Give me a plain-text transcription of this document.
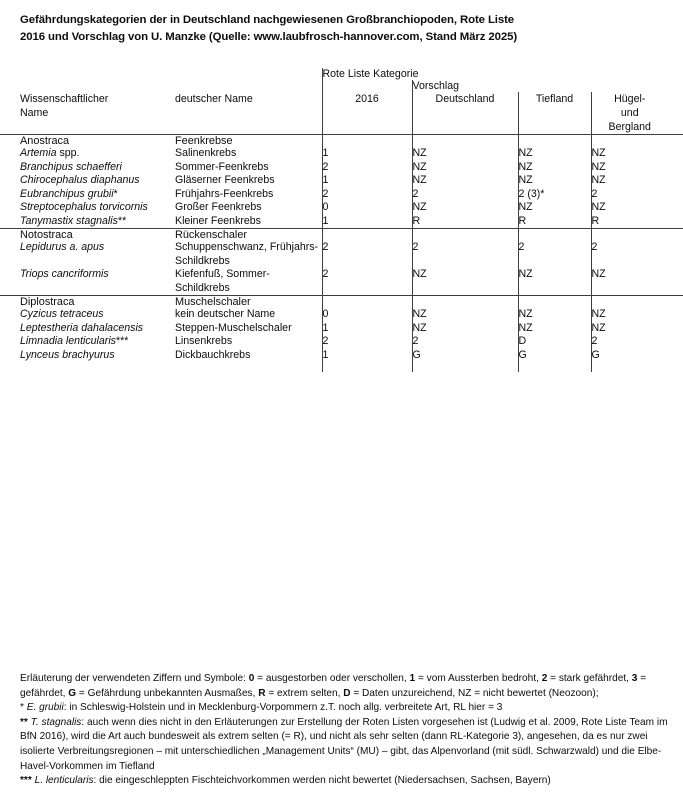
Gefährdungskategorien der in Deutschland nachgewiesenen Großbranchiopoden, Rote Liste
2016 und Vorschlag von U. Manzke (Quelle: www.laubfrosch-hannover.com, Stand März 2025)
			Rote Liste Kategorie				
				Vorschlag			
	Wissenschaftlicher
Name	deutscher Name	2016	Deutschland	Tiefland	Hügel-
und
Bergland	
	Anostraca	Feenkrebse					
	Artemia spp.	Salinenkrebs	1	NZ	NZ	NZ	
	Branchipus schaefferi	Sommer-Feenkrebs	2	NZ	NZ	NZ	
	Chirocephalus diaphanus	Gläserner Feenkrebs	1	NZ	NZ	NZ	
	Eubranchipus grubii*	Frühjahrs-Feenkrebs	2	2	2 (3)*	2	
	Streptocephalus torvicornis	Großer Feenkrebs	0	NZ	NZ	NZ	
	Tanymastix stagnalis**	Kleiner Feenkrebs	1	R	R	R	

	Notostraca	Rückenschaler					
	Lepidurus a. apus	Schuppenschwanz, Frühjahrs-Schildkrebs	2	2	2	2	
	Triops cancriformis	Kiefenfuß, Sommer-Schildkrebs	2	NZ	NZ	NZ	

	Diplostraca	Muschelschaler					
	Cyzicus tetraceus	kein deutscher Name	0	NZ	NZ	NZ	
	Leptestheria dahalacensis	Steppen-Muschelschaler	1	NZ	NZ	NZ	
	Limnadia lenticularis***	Linsenkrebs	2	2	D	2	
	Lynceus brachyurus	Dickbauchkrebs	1	G	G	G	

Erläuterung der verwendeten Ziffern und Symbole: 0 = ausgestorben oder verschollen, 1 = vom Aussterben bedroht, 2 = stark gefährdet, 3 = gefährdet, G = Gefährdung unbekannten Ausmaßes, R = extrem selten, D = Daten unzureichend, NZ = nicht bewertet (Neozoon);

* E. grubii: in Schleswig-Holstein und in Mecklenburg-Vorpommern z.T. noch allg. verbreitete Art, RL hier = 3

** T. stagnalis: auch wenn dies nicht in den Erläuterungen zur Erstellung der Roten Listen vorgesehen ist (Ludwig et al. 2009, Rote Liste Team im BfN 2016), wird die Art auch bundesweit als extrem selten (= R), und nicht als sehr selten (dann RL-Kategorie 3), angesehen, da es nur zwei isolierte Verbreitungsregionen – mit unterschiedlichen „Management Units“ (MU) – gibt, das Alpenvorland (mit südl. Schwarzwald) und die Elbe-Havel-Vorkommen im Tiefland

*** L. lenticularis: die eingeschleppten Fischteichvorkommen werden nicht bewertet (Niedersachsen, Sachsen, Bayern)
